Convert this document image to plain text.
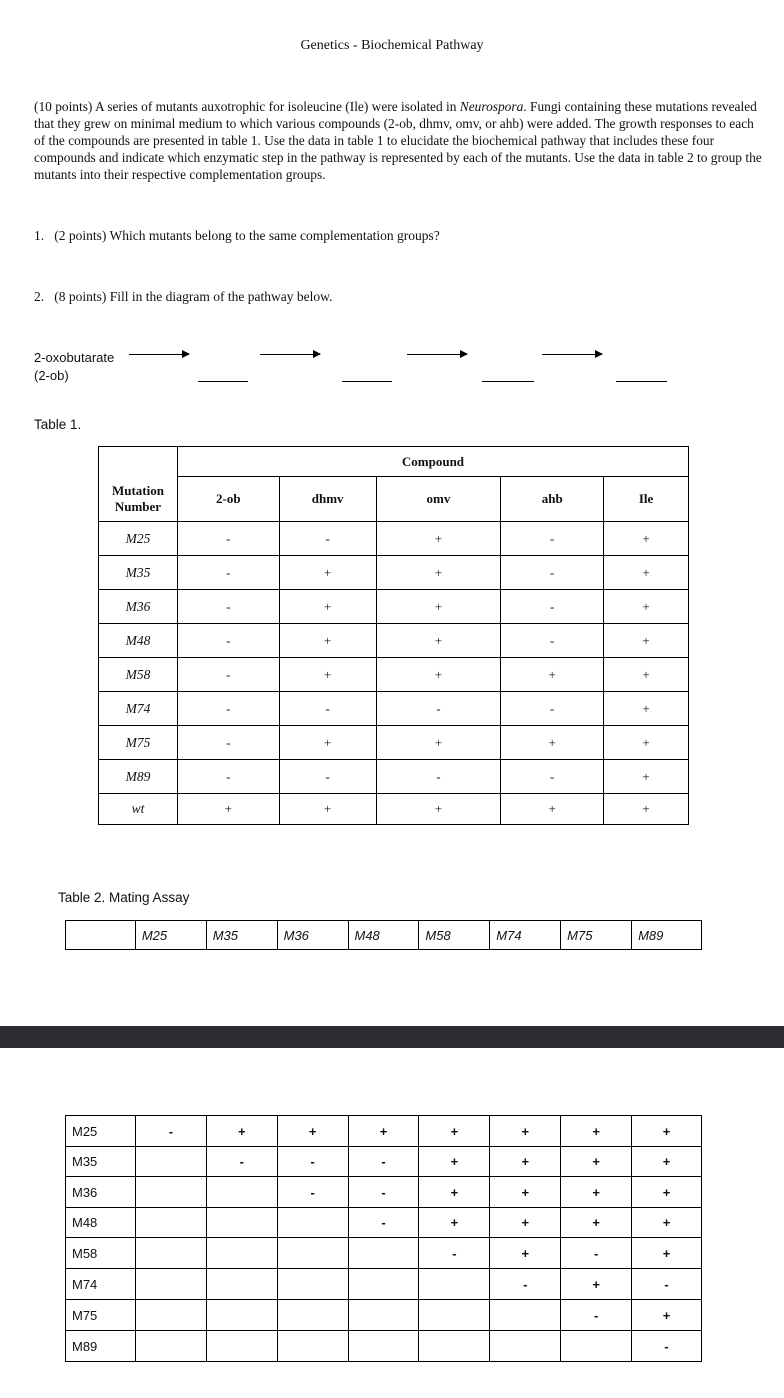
Genetics - Biochemical Pathway
(10 points) A series of mutants auxotrophic for isoleucine (Ile) were isolated in Neurospora. Fungi containing these mutations revealed that they grew on minimal medium to which various compounds (2-ob, dhmv, omv, or ahb) were added. The growth responses to each of the compounds are presented in table 1. Use the data in table 1 to elucidate the biochemical pathway that includes these four compounds and indicate which enzymatic step in the pathway is represented by each of the mutants. Use the data in table 2 to group the mutants into their respective complementation groups.
1. (2 points) Which mutants belong to the same complementation groups?
2. (8 points) Fill in the diagram of the pathway below.
2-oxobutarate
(2-ob)
Table 1.
	Compound				
Mutation Number	2-ob	dhmv	omv	ahb	Ile
M25	-	-	+	-	+
M35	-	+	+	-	+
M36	-	+	+	-	+
M48	-	+	+	-	+
M58	-	+	+	+	+
M74	-	-	-	-	+
M75	-	+	+	+	+
M89	-	-	-	-	+
wt	+	+	+	+	+
Table 2. Mating Assay
	M25	M35	M36	M48	M58	M74	M75	M89
M25	-	+	+	+	+	+	+	+
M35		-	-	-	+	+	+	+
M36			-	-	+	+	+	+
M48				-	+	+	+	+
M58					-	+	-	+
M74						-	+	-
M75							-	+
M89								-
